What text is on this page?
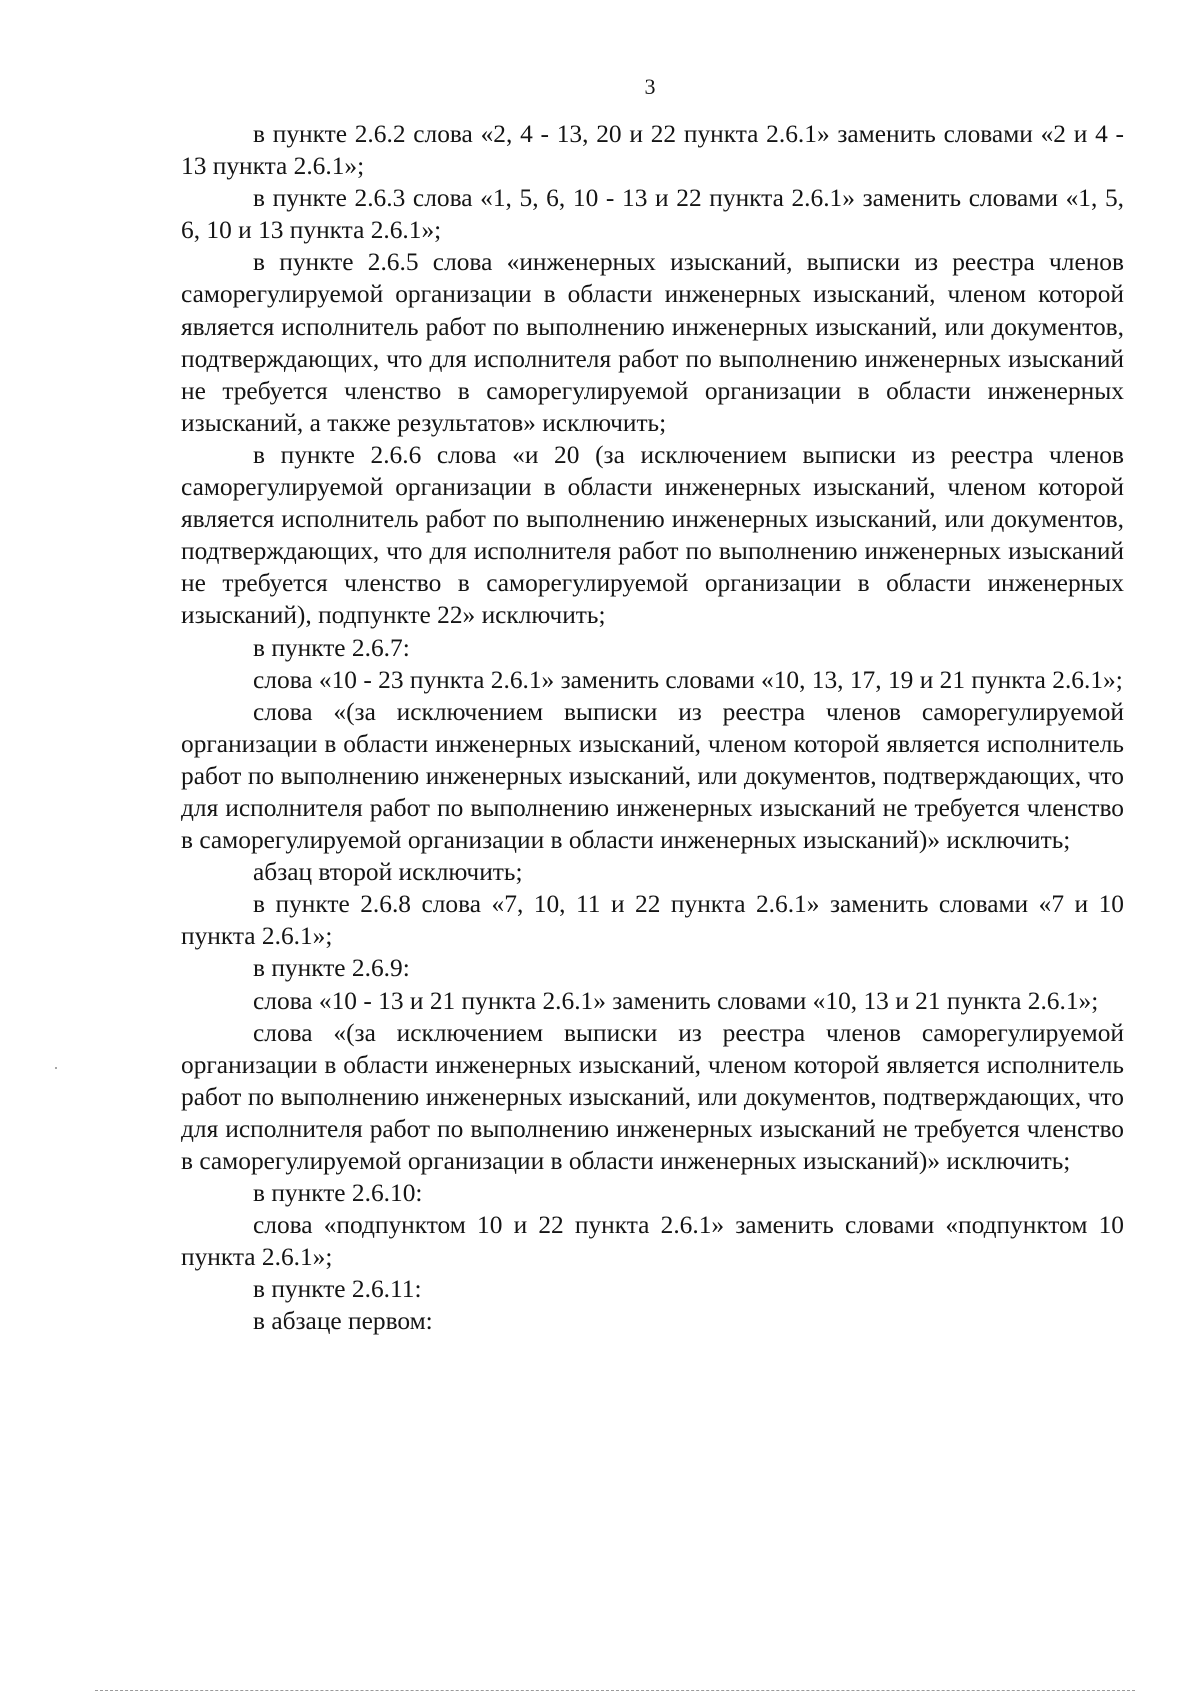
3

в пункте 2.6.2 слова «2, 4 - 13, 20 и 22 пункта 2.6.1» заменить словами «2 и 4 - 13 пункта 2.6.1»;

в пункте 2.6.3 слова «1, 5, 6, 10 - 13 и 22 пункта 2.6.1» заменить словами «1, 5, 6, 10 и 13 пункта 2.6.1»;

в пункте 2.6.5 слова «инженерных изысканий, выписки из реестра членов саморегулируемой организации в области инженерных изысканий, членом которой является исполнитель работ по выполнению инженерных изысканий, или документов, подтверждающих, что для исполнителя работ по выполнению инженерных изысканий не требуется членство в саморегулируемой организации в области инженерных изысканий, а также результатов» исключить;

в пункте 2.6.6 слова «и 20 (за исключением выписки из реестра членов саморегулируемой организации в области инженерных изысканий, членом которой является исполнитель работ по выполнению инженерных изысканий, или документов, подтверждающих, что для исполнителя работ по выполнению инженерных изысканий не требуется членство в саморегулируемой организации в области инженерных изысканий), подпункте 22» исключить;

в пункте 2.6.7:

слова «10 - 23 пункта 2.6.1» заменить словами «10, 13, 17, 19 и 21 пункта 2.6.1»;

слова «(за исключением выписки из реестра членов саморегулируемой организации в области инженерных изысканий, членом которой является исполнитель работ по выполнению инженерных изысканий, или документов, подтверждающих, что для исполнителя работ по выполнению инженерных изысканий не требуется членство в саморегулируемой организации в области инженерных изысканий)» исключить;

абзац второй исключить;

в пункте 2.6.8 слова «7, 10, 11 и 22 пункта 2.6.1» заменить словами «7 и 10 пункта 2.6.1»;

в пункте 2.6.9:

слова «10 - 13 и 21 пункта 2.6.1» заменить словами «10, 13 и 21 пункта 2.6.1»;

слова «(за исключением выписки из реестра членов саморегулируемой организации в области инженерных изысканий, членом которой является исполнитель работ по выполнению инженерных изысканий, или документов, подтверждающих, что для исполнителя работ по выполнению инженерных изысканий не требуется членство в саморегулируемой организации в области инженерных изысканий)» исключить;

в пункте 2.6.10:

слова «подпунктом 10 и 22 пункта 2.6.1» заменить словами «подпунктом 10 пункта 2.6.1»;

в пункте 2.6.11:

в абзаце первом:
